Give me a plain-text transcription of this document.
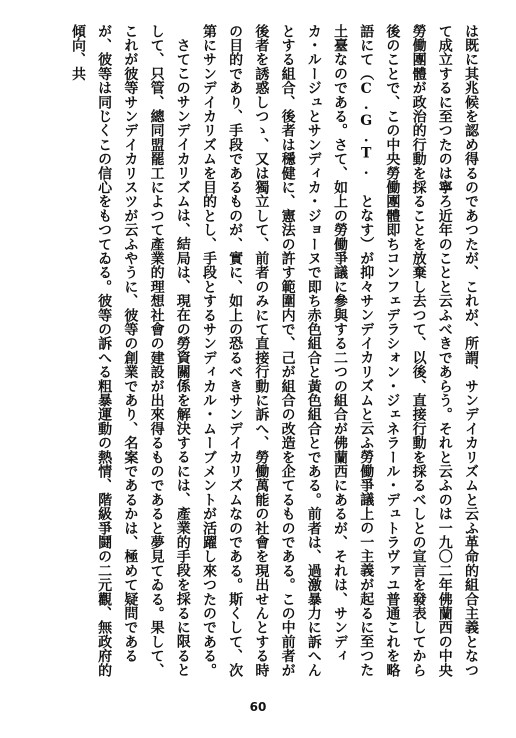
は既に其兆候を認め得るのであつたが、これが、所謂、サンデイカリズムと云ふ革命的組合主義となつて成立するに至つたのは寧ろ近年のことと云ふべきであらう。それと云ふのは一九〇二年佛蘭西の中央勞働團體が政治的行動を採ることを放棄し去つて、以後、直接行動を採るべしとの宣言を發表してから後のことで、この中央勞働團體即ちコンフェデラシォン・ジェネラール・デュトラヴァユ普通これを略語にて（C.G.T. となす）が抑々サンデイカリズムと云ふ勞働爭議上の一主義が起るに至つた土臺なのである。さて、如上の勞働爭議に參與する二つの組合が佛蘭西にあるが、それは、サンディカ・ルージュとサンディカ・ジョーヌで即ち赤色組合と黃色組合とである。前者は、過激暴力に訴へんとする組合、後者は穩健に、憲法の許す範圍内で、己が組合の改造を企てるものである。この中前者が後者を誘惑しつゝ、又は獨立して、前者のみにて直接行動に訴へ、勞働萬能の社會を現出せんとする時の目的であり、手段であるものが、實に、如上の恐るべきサンデイカリズムなのである。斯くして、次第にサンデイカリズムを目的とし、手段とするサンディカル・ムーブメントが活躍し來つたのである。

さてこのサンデイカリズムは、結局は、現在の勞資關係を解決するには、產業的手段を採るに限るとして、只管、總同盟罷工によつて產業的理想社會の建設が出來得るものであると夢見てゐる。果して、これが彼等サンデイカリスツが云ふやうに、彼等の創業であり、名案であるかは、極めて疑問であるが、彼等は同じくこの信心をもつてゐる。彼等の訴へる粗暴運動の熱情、階級爭鬪の二元觀、無政府的傾向、共

60
